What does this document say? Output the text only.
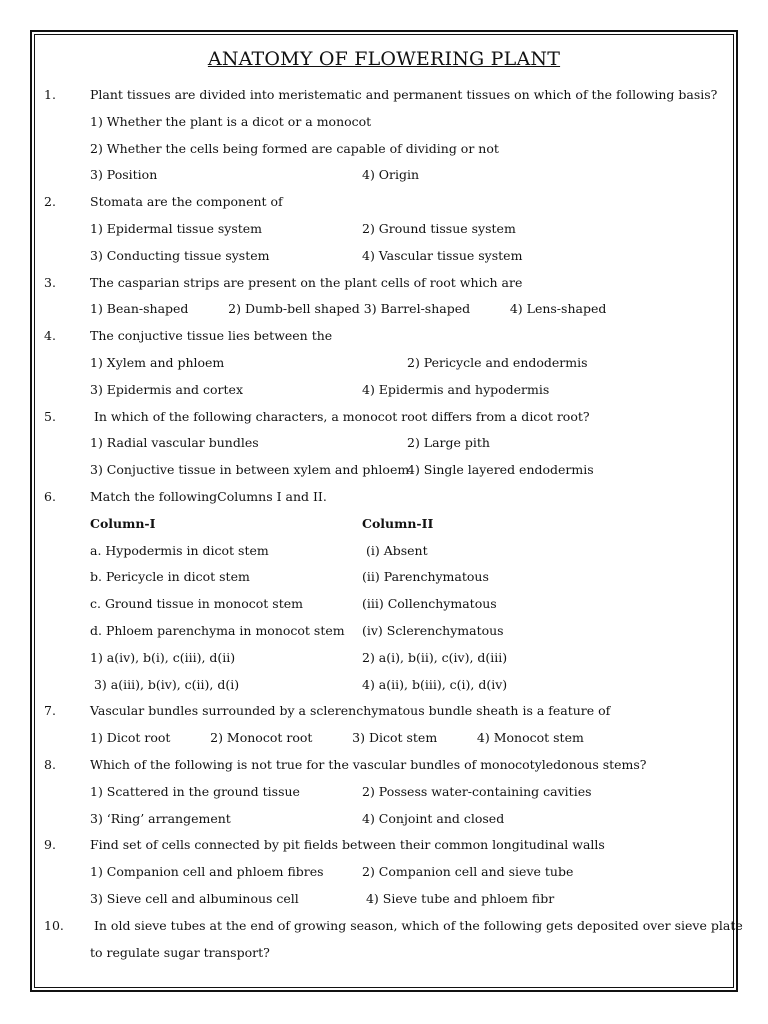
ANATOMY OF FLOWERING PLANT
1.	Plant tissues are divided into meristematic and permanent tissues on which of the following basis?
1) Whether the plant is a dicot or a monocot
2) Whether the cells being formed are capable of dividing or not
3) Position	4) Origin
2.	Stomata are the component of
1) Epidermal tissue system	2) Ground tissue system
3) Conducting tissue system	4) Vascular tissue system
3.	The casparian strips are present on the plant cells of root which are
1) Bean-shaped          2) Dumb-bell shaped 3) Barrel-shaped          4) Lens-shaped
4.	The conjuctive tissue lies between the
1) Xylem and phloem	2) Pericycle and endodermis
3) Epidermis and cortex	4) Epidermis and hypodermis
5.	In which of the following characters, a monocot root differs from a dicot root?
1) Radial vascular bundles	2) Large pith
3) Conjuctive tissue in between xylem and phloem
4) Single layered endodermis
6.	Match the followingColumns I and II.
Column-I	Column-II
a. Hypodermis in dicot stem	(i) Absent
b. Pericycle in dicot stem	(ii) Parenchymatous
c. Ground tissue in monocot stem	(iii) Collenchymatous
d. Phloem parenchyma in monocot stem (iv) Sclerenchymatous
1) a(iv), b(i), c(iii), d(ii)	2) a(i), b(ii), c(iv), d(iii)
3) a(iii), b(iv), c(ii), d(i)	4) a(ii), b(iii), c(i), d(iv)
7.	Vascular bundles surrounded by a sclerenchymatous bundle sheath is a feature of
1) Dicot root          2) Monocot root          3) Dicot stem          4) Monocot stem
8.	Which of the following is not true for the vascular bundles of monocotyledonous stems?
1) Scattered in the ground tissue	2) Possess water-containing cavities
3) ‘Ring’ arrangement	4) Conjoint and closed
9.	Find set of cells connected by pit fields between their common longitudinal walls
1) Companion cell and phloem fibres	2) Companion cell and sieve tube
3) Sieve cell and albuminous cell	4) Sieve tube and phloem fibr
10. In old sieve tubes at the end of growing season, which of the following gets deposited over sieve plate
to regulate sugar transport?
